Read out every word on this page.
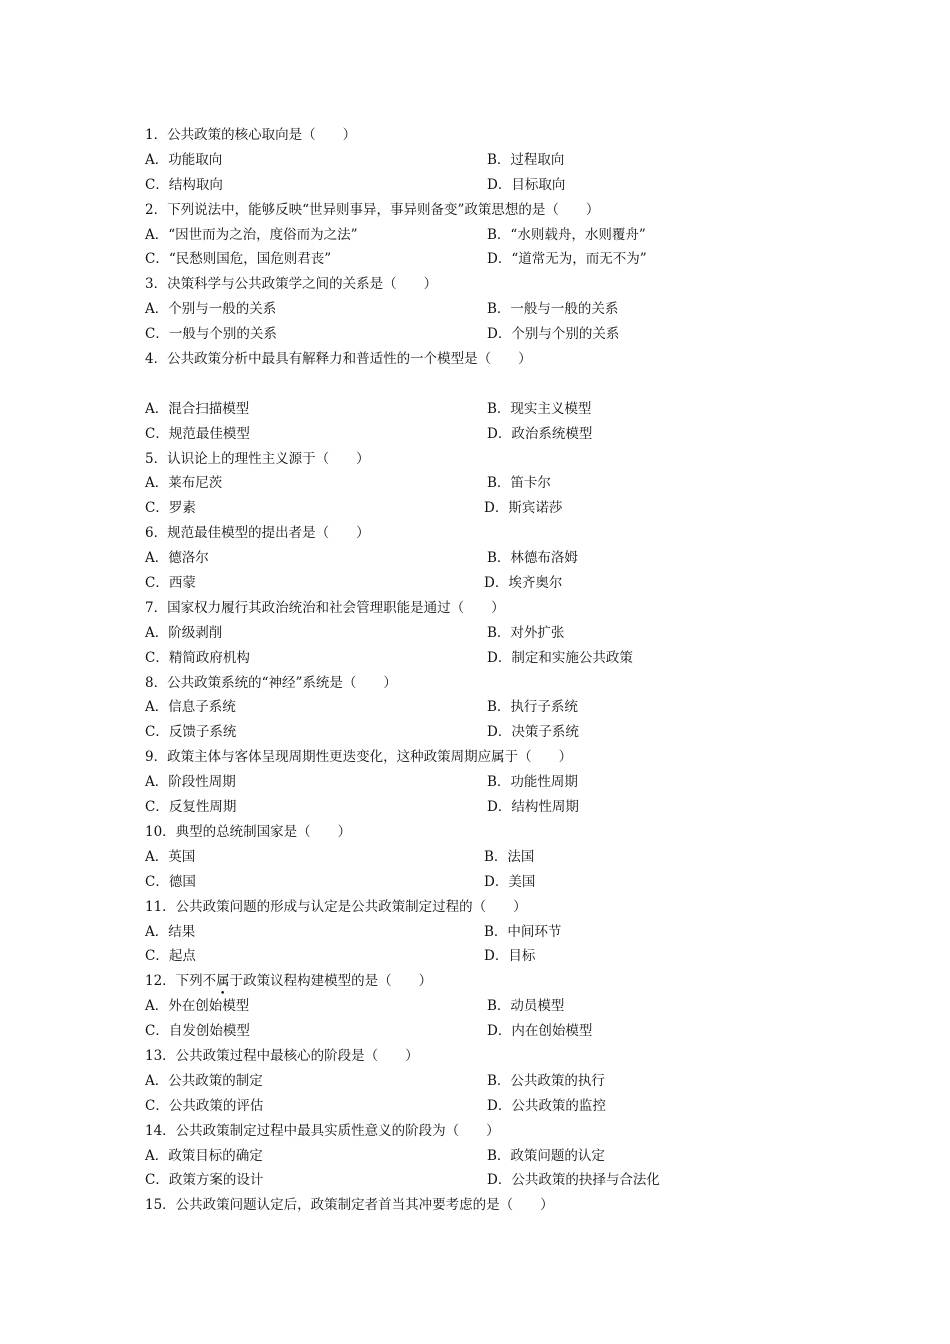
1．公共政策的核心取向是（　　）
A．功能取向	B．过程取向
C．结构取向	D．目标取向
2．下列说法中，能够反映“世异则事异，事异则备变”政策思想的是（　　）
A．“因世而为之治，度俗而为之法”	B．“水则载舟，水则覆舟”
C．“民愁则国危，国危则君丧”	D．“道常无为，而无不为”
3．决策科学与公共政策学之间的关系是（　　）
A．个别与一般的关系	B．一般与一般的关系
C．一般与个别的关系	D．个别与个别的关系
4．公共政策分析中最具有解释力和普适性的一个模型是（　　）
A．混合扫描模型	B．现实主义模型
C．规范最佳模型	D．政治系统模型
5．认识论上的理性主义源于（　　）
A．莱布尼茨	B．笛卡尔
C．罗素	D．斯宾诺莎
6．规范最佳模型的提出者是（　　）
A．德洛尔	B．林德布洛姆
C．西蒙	D．埃齐奥尔
7．国家权力履行其政治统治和社会管理职能是通过（　　）
A．阶级剥削	B．对外扩张
C．精简政府机构	D．制定和实施公共政策
8．公共政策系统的“神经”系统是（　　）
A．信息子系统	B．执行子系统
C．反馈子系统	D．决策子系统
9．政策主体与客体呈现周期性更迭变化，这种政策周期应属于（　　）
A．阶段性周期	B．功能性周期
C．反复性周期	D．结构性周期
10．典型的总统制国家是（　　）
A．英国	B．法国
C．德国	D．美国
11．公共政策问题的形成与认定是公共政策制定过程的（　　）
A．结果	B．中间环节
C．起点	D．目标
12．下列不属于政策议程构建模型的是（　　）
•
A．外在创始模型	B．动员模型
C．自发创始模型	D．内在创始模型
13．公共政策过程中最核心的阶段是（　　）
A．公共政策的制定	B．公共政策的执行
C．公共政策的评估	D．公共政策的监控
14．公共政策制定过程中最具实质性意义的阶段为（　　）
A．政策目标的确定	B．政策问题的认定
C．政策方案的设计	D．公共政策的抉择与合法化
15．公共政策问题认定后，政策制定者首当其冲要考虑的是（　　）
